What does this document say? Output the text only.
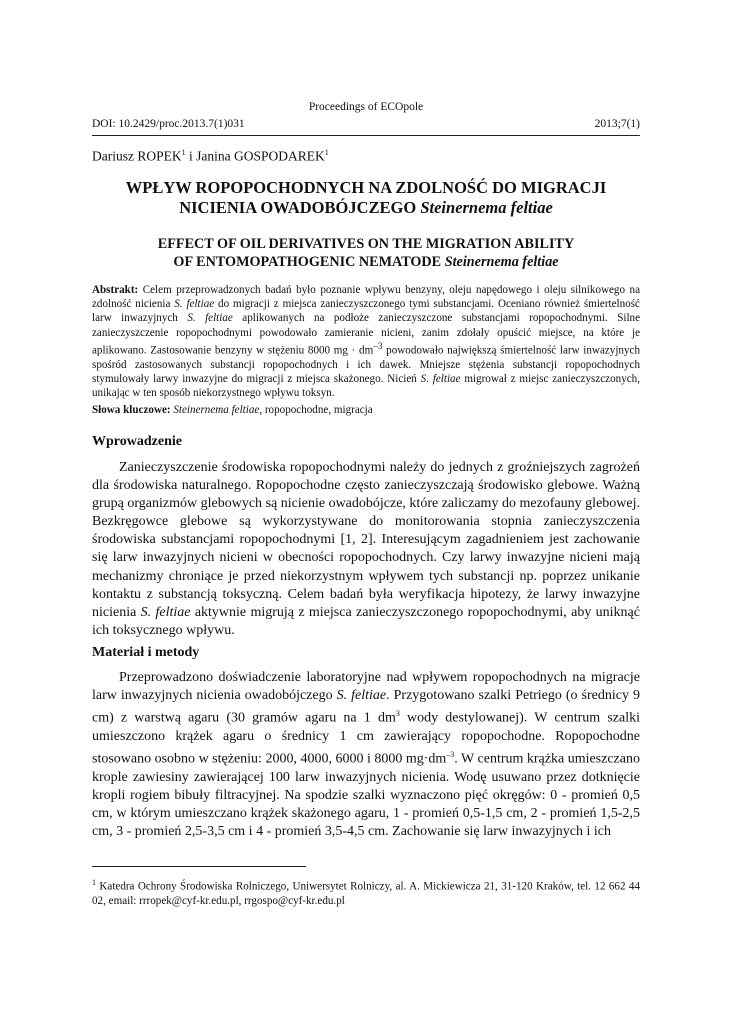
Proceedings of ECOpole
DOI: 10.2429/proc.2013.7(1)031	2013;7(1)
Dariusz ROPEK$^1$ i Janina GOSPODAREK$^1$
WPŁYW ROPOPOCHODNYCH NA ZDOLNOŚĆ DO MIGRACJI
NICIENIA OWADOBÓJCZEGO Steinernema feltiae
EFFECT OF OIL DERIVATIVES ON THE MIGRATION ABILITY
OF ENTOMOPATHOGENIC NEMATODE Steinernema feltiae
Abstrakt: Celem przeprowadzonych badań było poznanie wpływu benzyny, oleju napędowego i oleju silnikowego na zdolność nicienia S. feltiae do migracji z miejsca zanieczyszczonego tymi substancjami. Oceniano również śmiertelność larw inwazyjnych S. feltiae aplikowanych na podłoże zanieczyszczone substancjami ropopochodnymi. Silne zanieczyszczenie ropopochodnymi powodowało zamieranie nicieni, zanim zdołały opuścić miejsce, na które je aplikowano. Zastosowanie benzyny w stężeniu 8000 mg · $dm^{-3}$ powodowało największą śmiertelność larw inwazyjnych spośród zastosowanych substancji ropopochodnych i ich dawek. Mniejsze stężenia substancji ropopochodnych stymulowały larwy inwazyjne do migracji z miejsca skażonego. Nicień S. feltiae migrował z miejsc zanieczyszczonych, unikając w ten sposób niekorzystnego wpływu toksyn.
Słowa kluczowe: Steinernema feltiae, ropopochodne, migracja
Wprowadzenie
Zanieczyszczenie środowiska ropopochodnymi należy do jednych z groźniejszych zagrożeń dla środowiska naturalnego. Ropopochodne często zanieczyszczają środowisko glebowe. Ważną grupą organizmów glebowych są nicienie owadobójcze, które zaliczamy do mezofauny glebowej. Bezkręgowce glebowe są wykorzystywane do monitorowania stopnia zanieczyszczenia środowiska substancjami ropopochodnymi [1, 2]. Interesującym zagadnieniem jest zachowanie się larw inwazyjnych nicieni w obecności ropopochodnych. Czy larwy inwazyjne nicieni mają mechanizmy chroniące je przed niekorzystnym wpływem tych substancji np. poprzez unikanie kontaktu z substancją toksyczną. Celem badań była weryfikacja hipotezy, że larwy inwazyjne nicienia S. feltiae aktywnie migrują z miejsca zanieczyszczonego ropopochodnymi, aby uniknąć ich toksycznego wpływu.
Materiał i metody
Przeprowadzono doświadczenie laboratoryjne nad wpływem ropopochodnych na migracje larw inwazyjnych nicienia owadobójczego S. feltiae. Przygotowano szalki Petriego (o średnicy 9 cm) z warstwą agaru (30 gramów agaru na 1 $dm^3$ wody destylowanej). W centrum szalki umieszczono krążek agaru o średnicy 1 cm zawierający ropopochodne. Ropopochodne stosowano osobno w stężeniu: 2000, 4000, 6000 i 8000 $mg\cdot dm^{-3}$. W centrum krążka umieszczano krople zawiesiny zawierającej 100 larw inwazyjnych nicienia. Wodę usuwano przez dotknięcie kropli rogiem bibuły filtracyjnej. Na spodzie szalki wyznaczono pięć okręgów: 0 - promień 0,5 cm, w którym umieszczano krążek skażonego agaru, 1 - promień 0,5-1,5 cm, 2 - promień 1,5-2,5 cm, 3 - promień 2,5-3,5 cm i 4 - promień 3,5-4,5 cm. Zachowanie się larw inwazyjnych i ich
$^1$ Katedra Ochrony Środowiska Rolniczego, Uniwersytet Rolniczy, al. A. Mickiewicza 21, 31-120 Kraków, tel. 12 662 44 02, email: rrropek@cyf-kr.edu.pl, rrgospo@cyf-kr.edu.pl
